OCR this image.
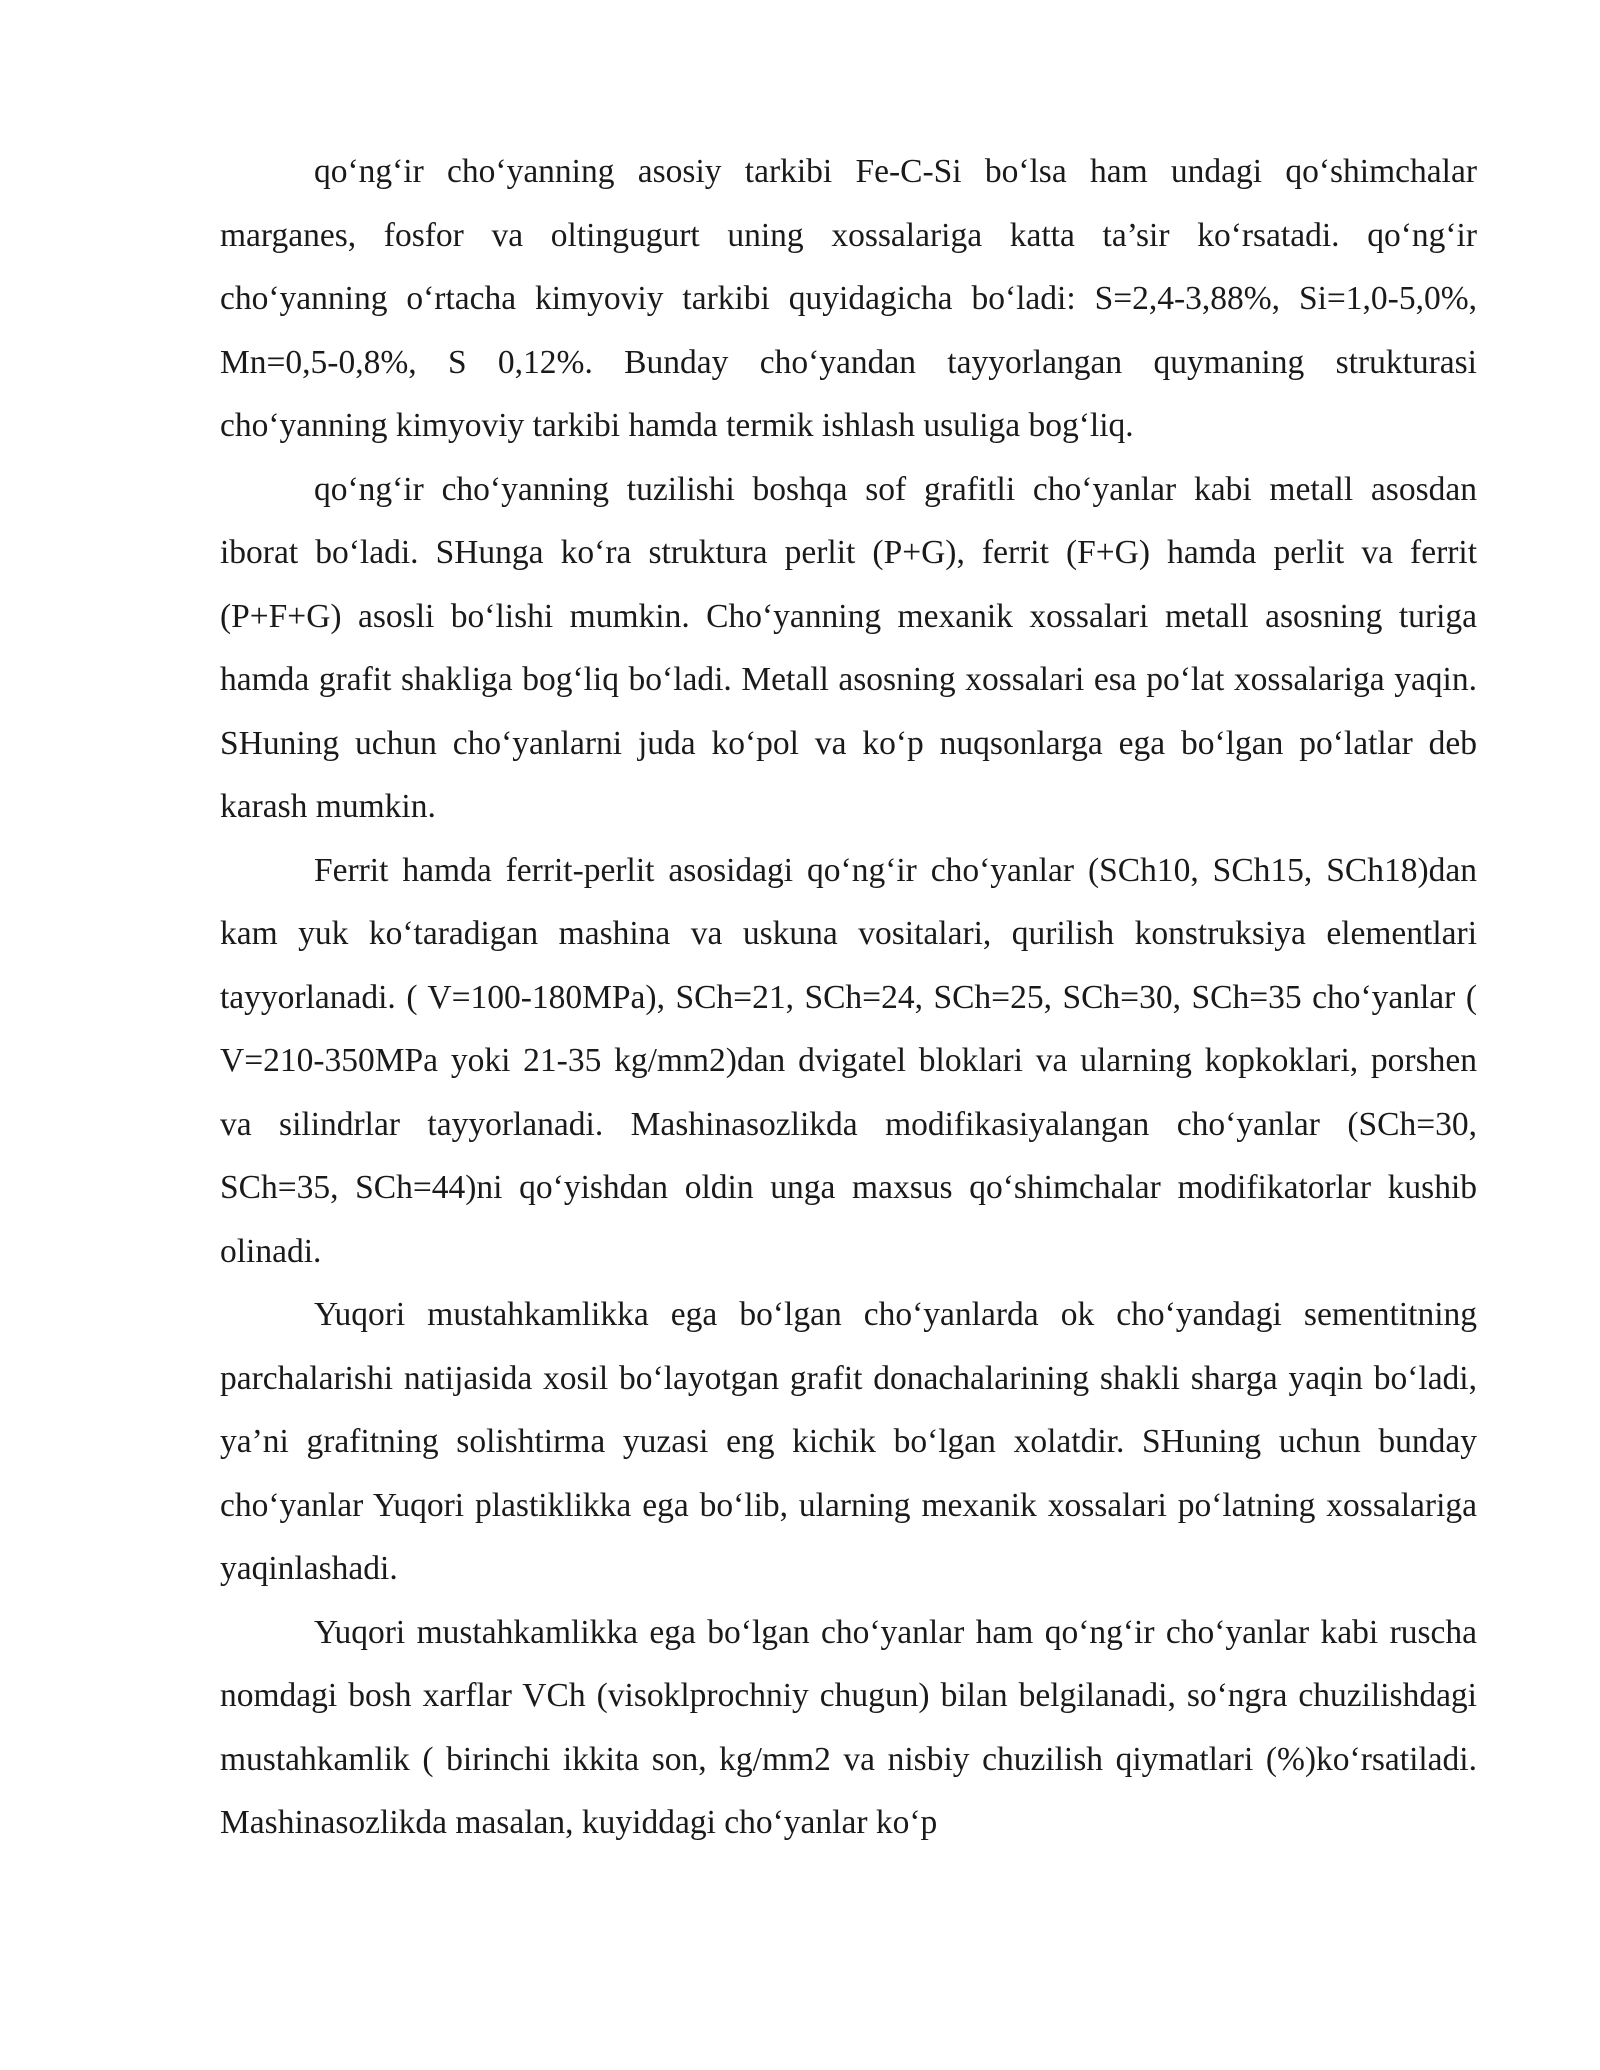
qo‘ng‘ir cho‘yanning asosiy tarkibi Fe-C-Si bo‘lsa ham undagi qo‘shimchalar marganes, fosfor va oltingugurt uning xossalariga katta ta’sir ko‘rsatadi. qo‘ng‘ir cho‘yanning o‘rtacha kimyoviy tarkibi quyidagicha bo‘ladi: S=2,4-3,88%, Si=1,0-5,0%, Mn=0,5-0,8%, S 0,12%. Bunday cho‘yandan tayyorlangan quymaning strukturasi cho‘yanning kimyoviy tarkibi hamda termik ishlash usuliga bog‘liq.

qo‘ng‘ir cho‘yanning tuzilishi boshqa sof grafitli cho‘yanlar kabi metall asosdan iborat bo‘ladi. SHunga ko‘ra struktura perlit (P+G), ferrit (F+G) hamda perlit va ferrit (P+F+G) asosli bo‘lishi mumkin. Cho‘yanning mexanik xossalari metall asosning turiga hamda grafit shakliga bog‘liq bo‘ladi. Metall asosning xossalari esa po‘lat xossalariga yaqin. SHuning uchun cho‘yanlarni juda ko‘pol va ko‘p nuqsonlarga ega bo‘lgan po‘latlar deb karash mumkin.

Ferrit hamda ferrit-perlit asosidagi qo‘ng‘ir cho‘yanlar (SCh10, SCh15, SCh18)dan kam yuk ko‘taradigan mashina va uskuna vositalari, qurilish konstruksiya elementlari tayyorlanadi. ( V=100-180MPa), SCh=21, SCh=24, SCh=25, SCh=30, SCh=35 cho‘yanlar ( V=210-350MPa yoki 21-35 kg/mm2)dan dvigatel bloklari va ularning kopkoklari, porshen va silindrlar tayyorlanadi. Mashinasozlikda modifikasiyalangan cho‘yanlar (SCh=30, SCh=35, SCh=44)ni qo‘yishdan oldin unga maxsus qo‘shimchalar modifikatorlar kushib olinadi.

Yuqori mustahkamlikka ega bo‘lgan cho‘yanlarda ok cho‘yandagi sementitning parchalarishi natijasida xosil bo‘layotgan grafit donachalarining shakli sharga yaqin bo‘ladi, ya’ni grafitning solishtirma yuzasi eng kichik bo‘lgan xolatdir. SHuning uchun bunday cho‘yanlar Yuqori plastiklikka ega bo‘lib, ularning mexanik xossalari po‘latning xossalariga yaqinlashadi.

Yuqori mustahkamlikka ega bo‘lgan cho‘yanlar ham qo‘ng‘ir cho‘yanlar kabi ruscha nomdagi bosh xarflar VCh (visoklprochniy chugun) bilan belgilanadi, so‘ngra chuzilishdagi mustahkamlik ( birinchi ikkita son, kg/mm2 va nisbiy chuzilish qiymatlari (%)ko‘rsatiladi. Mashinasozlikda masalan, kuyiddagi cho‘yanlar ko‘p
